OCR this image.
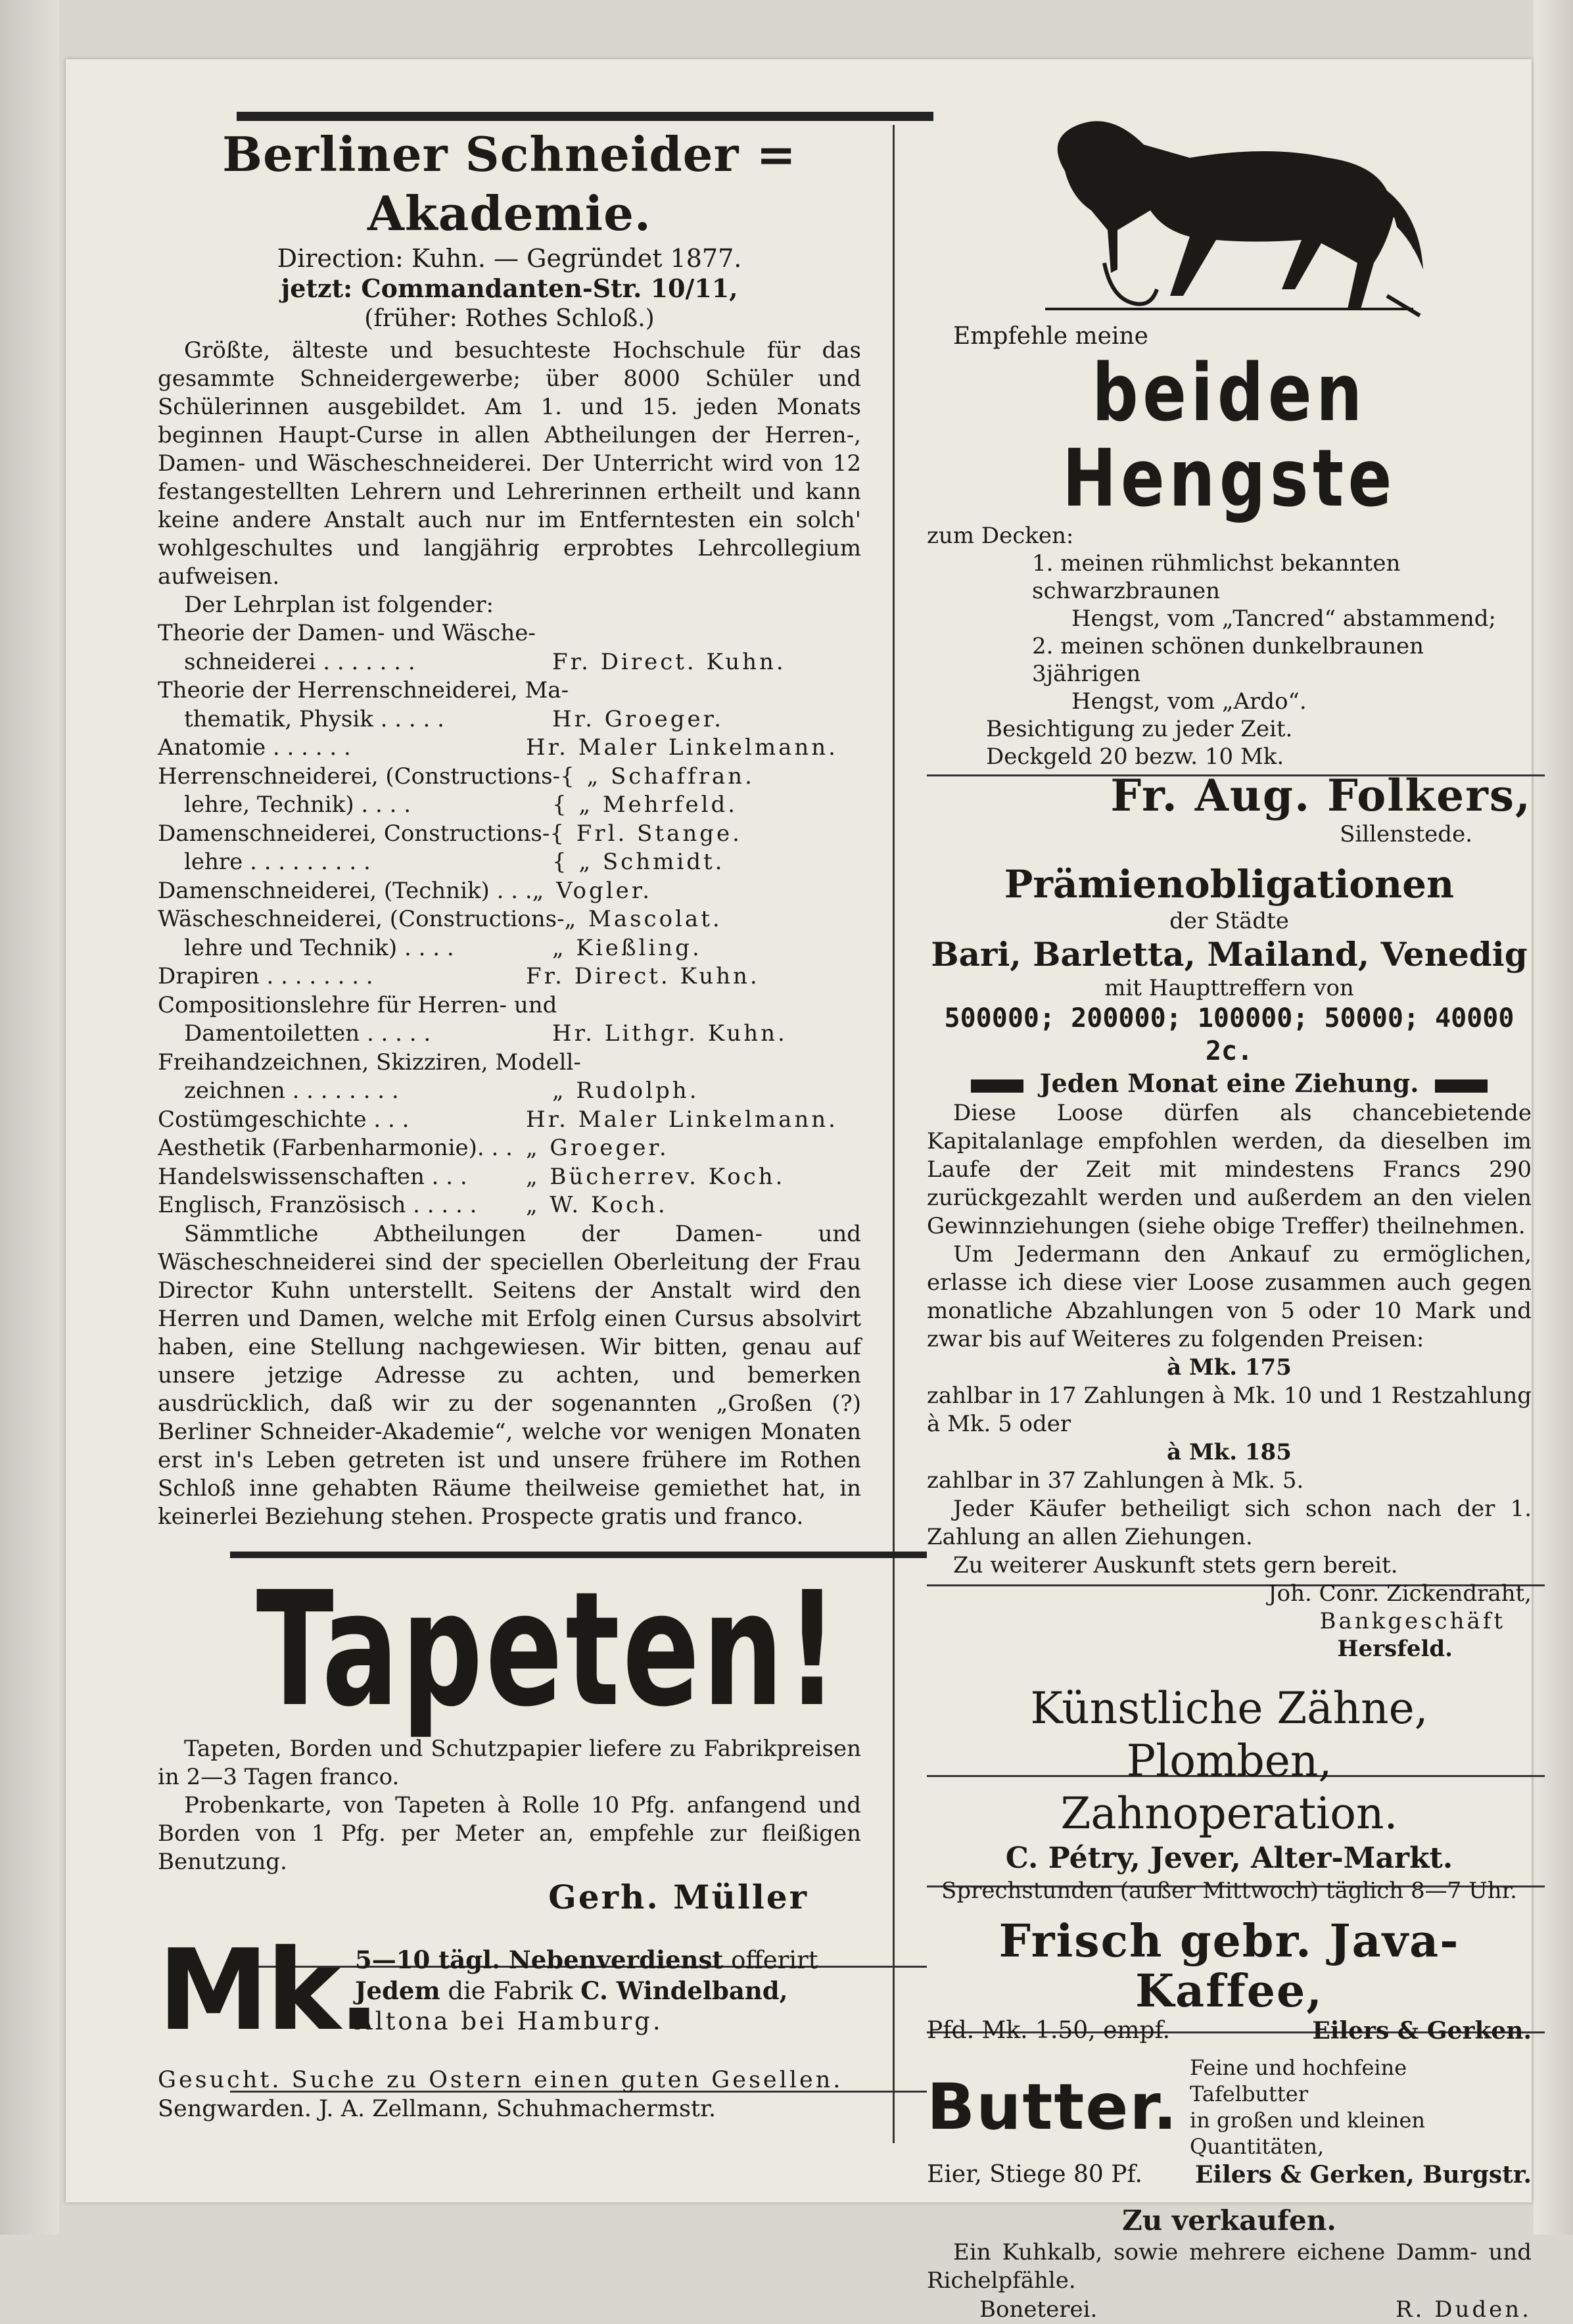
Berliner Schneider = Akademie.
Direction: Kuhn. — Gegründet 1877.
jetzt: Commandanten-Str. 10/11,
(früher: Rothes Schloß.)

Größte, älteste und besuchteste Hochschule für das gesammte Schneidergewerbe; über 8000 Schüler und Schülerinnen ausgebildet. Am 1. und 15. jeden Monats beginnen Haupt-Curse in allen Abtheilungen der Herren-, Damen- und Wäscheschneiderei. Der Unterricht wird von 12 festangestellten Lehrern und Lehrerinnen ertheilt und kann keine andere Anstalt auch nur im Entferntesten ein solch' wohlgeschultes und langjährig erprobtes Lehrcollegium aufweisen.

Der Lehrplan ist folgender:

Theorie der Damen- und Wäsche-
schneiderei . . . . . . .	Fr. Direct. Kuhn.
Theorie der Herrenschneiderei, Ma-
thematik, Physik . . . . .	Hr. Groeger.
Anatomie . . . . . .	Hr. Maler Linkelmann.
Herrenschneiderei, (Constructions- { „ Schaffran.
lehre, Technik) . . . .	{ „ Mehrfeld.
Damenschneiderei, Constructions- { Frl. Stange.
lehre . . . . . . . . .	{ „ Schmidt.
Damenschneiderei, (Technik) . . . „ Vogler.
Wäscheschneiderei, (Constructions- „ Mascolat.
lehre und Technik) . . . .	„ Kießling.
Drapiren . . . . . . . .	Fr. Direct. Kuhn.
Compositionslehre für Herren- und
Damentoiletten . . . . .	Hr. Lithgr. Kuhn.
Freihandzeichnen, Skizziren, Modell-
zeichnen . . . . . . . .	„ Rudolph.
Costümgeschichte . . .	Hr. Maler Linkelmann.
Aesthetik (Farbenharmonie). . . „ Groeger.
Handelswissenschaften . . .	„ Bücherrev. Koch.
Englisch, Französisch . . . . .	„ W. Koch.

Sämmtliche Abtheilungen der Damen- und Wäscheschneiderei sind der speciellen Oberleitung der Frau Director Kuhn unterstellt. Seitens der Anstalt wird den Herren und Damen, welche mit Erfolg einen Cursus absolvirt haben, eine Stellung nachgewiesen. Wir bitten, genau auf unsere jetzige Adresse zu achten, und bemerken ausdrücklich, daß wir zu der sogenannten „Großen (?) Berliner Schneider-Akademie“, welche vor wenigen Monaten erst in's Leben getreten ist und unsere frühere im Rothen Schloß inne gehabten Räume theilweise gemiethet hat, in keinerlei Beziehung stehen. Prospecte gratis und franco.

Tapeten!

Tapeten, Borden und Schutzpapier liefere zu Fabrikpreisen in 2—3 Tagen franco.

Probenkarte, von Tapeten à Rolle 10 Pfg. anfangend und Borden von 1 Pfg. per Meter an, empfehle zur fleißigen Benutzung.

Gerh. Müller
Mk.
5—10 tägl. Nebenverdienst offerirt Jedem die Fabrik C. Windelband, Altona bei Hamburg.
Gesucht. Suche zu Ostern einen guten Gesellen.
Sengwarden. J. A. Zellmann, Schuhmachermstr.
Empfehle meine
beiden Hengste
zum Decken:
1. meinen rühmlichst bekannten schwarzbraunen
Hengst, vom „Tancred“ abstammend;
2. meinen schönen dunkelbraunen 3jährigen
Hengst, vom „Ardo“.
Besichtigung zu jeder Zeit.
Deckgeld 20 bezw. 10 Mk.
Fr. Aug. Folkers,
Sillenstede.
Prämienobligationen
der Städte
Bari, Barletta, Mailand, Venedig
mit Haupttreffern von
500000; 200000; 100000; 50000; 40000 2c.
Jeden Monat eine Ziehung.

Diese Loose dürfen als chancebietende Kapitalanlage empfohlen werden, da dieselben im Laufe der Zeit mit mindestens Francs 290 zurückgezahlt werden und außerdem an den vielen Gewinnziehungen (siehe obige Treffer) theilnehmen.

Um Jedermann den Ankauf zu ermöglichen, erlasse ich diese vier Loose zusammen auch gegen monatliche Abzahlungen von 5 oder 10 Mark und zwar bis auf Weiteres zu folgenden Preisen:

à Mk. 175

zahlbar in 17 Zahlungen à Mk. 10 und 1 Restzahlung à Mk. 5 oder

à Mk. 185

zahlbar in 37 Zahlungen à Mk. 5.

Jeder Käufer betheiligt sich schon nach der 1. Zahlung an allen Ziehungen.

Zu weiterer Auskunft stets gern bereit.

Joh. Conr. Zickendraht,
Bankgeschäft
Hersfeld.
Künstliche Zähne, Plomben,
Zahnoperation.
C. Pétry, Jever, Alter-Markt.
Sprechstunden (außer Mittwoch) täglich 8—7 Uhr.
Frisch gebr. Java-Kaffee,
Pfd. Mk. 1.50, empf.	Eilers & Gerken.
Butter.
Feine und hochfeine Tafelbutter
in großen und kleinen Quantitäten,
Eier, Stiege 80 Pf. Eilers & Gerken, Burgstr.
Zu verkaufen.

Ein Kuhkalb, sowie mehrere eichene Damm- und Richelpfähle.

Boneterei.	R. Duden.
